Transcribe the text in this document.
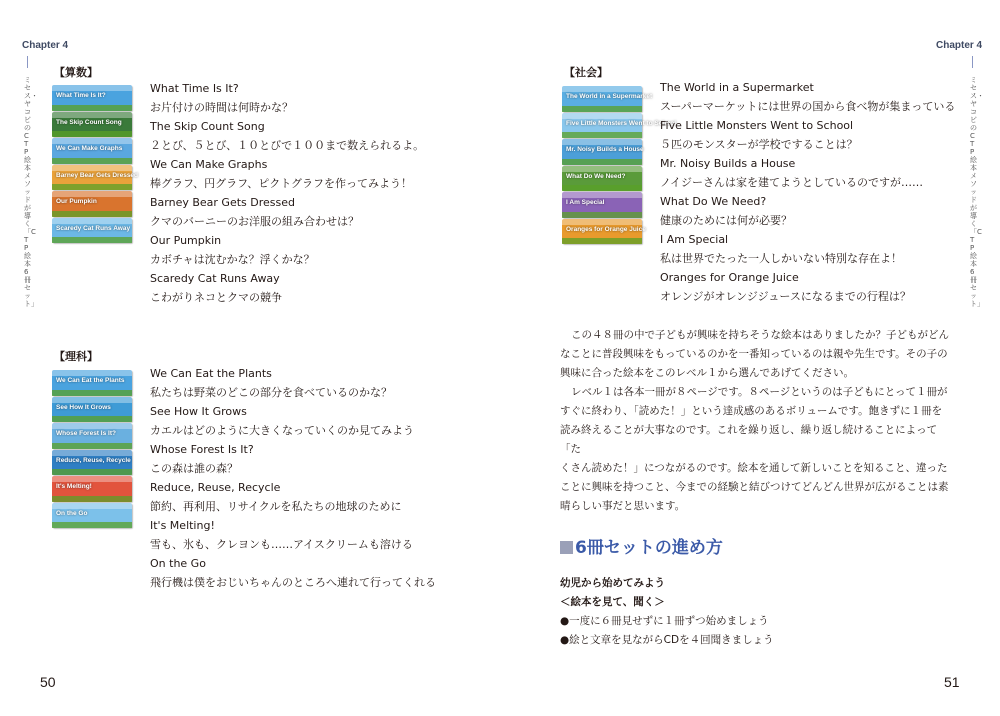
Chapter 4
ミセス・ヤコビのCTP絵本メソッドが導く「CTP絵本6冊セット」
【算数】
What Time Is It?
The Skip Count Song
We Can Make Graphs
Barney Bear Gets Dressed
Our Pumpkin
Scaredy Cat Runs Away
What Time Is It?
お片付けの時間は何時かな？
The Skip Count Song
２とび、５とび、１０とびで１００まで数えられるよ。
We Can Make Graphs
棒グラフ、円グラフ、ピクトグラフを作ってみよう！
Barney Bear Gets Dressed
クマのバーニーのお洋服の組み合わせは？
Our Pumpkin
カボチャは沈むかな？浮くかな？
Scaredy Cat Runs Away
こわがりネコとクマの競争
【理科】
We Can Eat the Plants
See How It Grows
Whose Forest Is It?
Reduce, Reuse, Recycle
It's Melting!
On the Go
We Can Eat the Plants
私たちは野菜のどこの部分を食べているのかな？
See How It Grows
カエルはどのように大きくなっていくのか見てみよう
Whose Forest Is It?
この森は誰の森？
Reduce, Reuse, Recycle
節約、再利用、リサイクルを私たちの地球のために
It's Melting!
雪も、氷も、クレヨンも……アイスクリームも溶ける
On the Go
飛行機は僕をおじいちゃんのところへ連れて行ってくれる
50
Chapter 4
ミセス・ヤコビのCTP絵本メソッドが導く「CTP絵本6冊セット」
【社会】
The World in a Supermarket
Five Little Monsters Went to School
Mr. Noisy Builds a House
What Do We Need?
I Am Special
Oranges for Orange Juice
The World in a Supermarket
スーパーマーケットには世界の国から食べ物が集まっている
Five Little Monsters Went to School
５匹のモンスターが学校ですることは？
Mr. Noisy Builds a House
ノイジーさんは家を建てようとしているのですが……
What Do We Need?
健康のためには何が必要？
I Am Special
私は世界でたった一人しかいない特別な存在よ！
Oranges for Orange Juice
オレンジがオレンジジュースになるまでの行程は？

この４８冊の中で子どもが興味を持ちそうな絵本はありましたか？子どもがどん

なことに普段興味をもっているのかを一番知っているのは親や先生です。その子の

興味に合った絵本をこのレベル１から選んであげてください。

レベル１は各本一冊が８ページです。８ページというのは子どもにとって１冊が

すぐに終わり、「読めた！」という達成感のあるボリュームです。飽きずに１冊を

読み終えることが大事なのです。これを繰り返し、繰り返し続けることによって「た

くさん読めた！」につながるのです。絵本を通して新しいことを知ること、違った

ことに興味を持つこと、今までの経験と結びつけてどんどん世界が広がることは素

晴らしい事だと思います。

6冊セットの進め方
幼児から始めてみよう
＜絵本を見て、聞く＞
●一度に６冊見せずに１冊ずつ始めましょう
●絵と文章を見ながらCDを４回聞きましょう
51
